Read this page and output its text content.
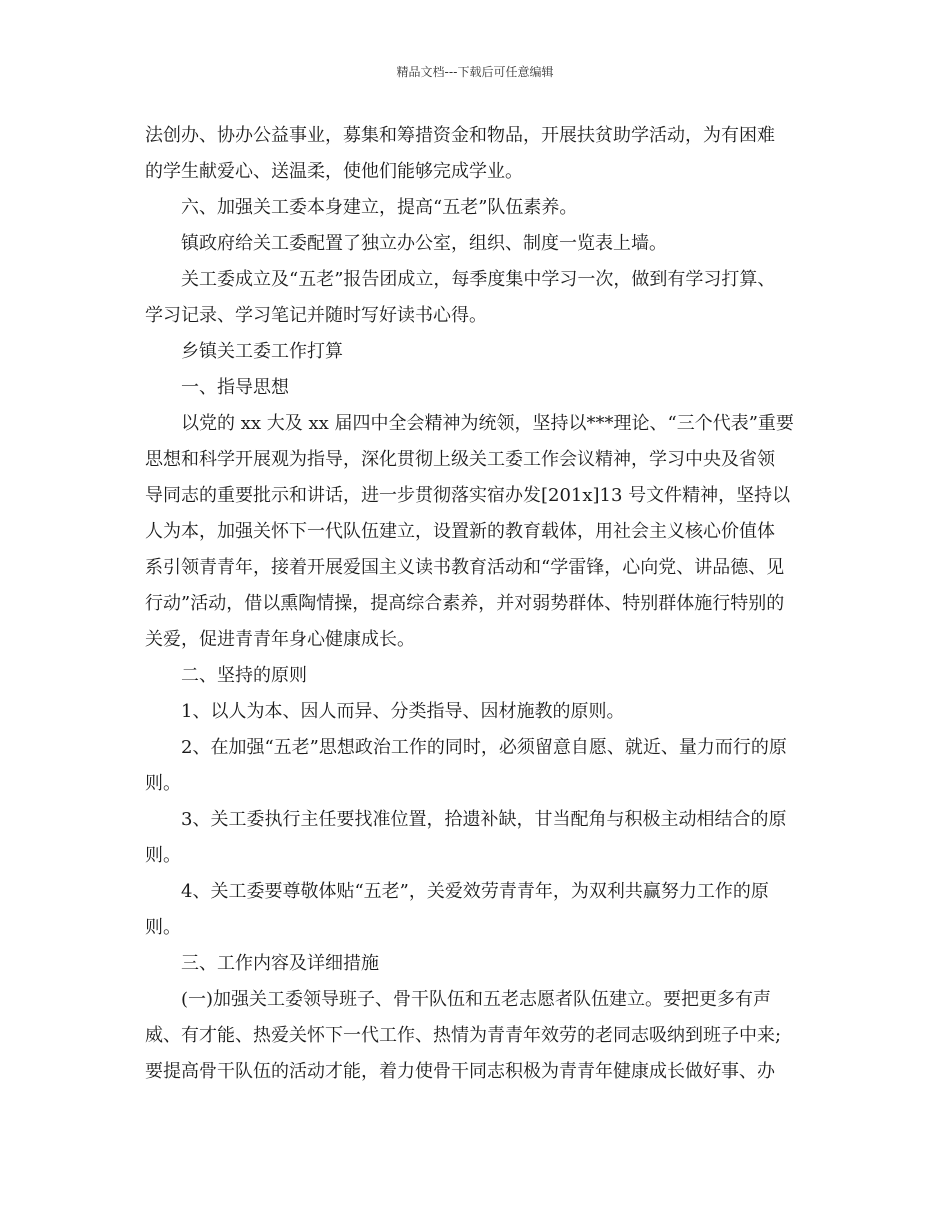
精品文档---下载后可任意编辑
法创办、协办公益事业，募集和筹措资金和物品，开展扶贫助学活动，为有困难
的学生献爱心、送温柔，使他们能够完成学业。
六、加强关工委本身建立，提高“五老”队伍素养。
镇政府给关工委配置了独立办公室，组织、制度一览表上墙。
关工委成立及“五老”报告团成立，每季度集中学习一次，做到有学习打算、
学习记录、学习笔记并随时写好读书心得。
乡镇关工委工作打算
一、指导思想
以党的 xx 大及 xx 届四中全会精神为统领，坚持以***理论、“三个代表”重要
思想和科学开展观为指导，深化贯彻上级关工委工作会议精神，学习中央及省领
导同志的重要批示和讲话，进一步贯彻落实宿办发[201x]13 号文件精神，坚持以
人为本，加强关怀下一代队伍建立，设置新的教育载体，用社会主义核心价值体
系引领青青年，接着开展爱国主义读书教育活动和“学雷锋，心向党、讲品德、见
行动”活动，借以熏陶情操，提高综合素养，并对弱势群体、特别群体施行特别的
关爱，促进青青年身心健康成长。
二、坚持的原则
1、以人为本、因人而异、分类指导、因材施教的原则。
2、在加强“五老”思想政治工作的同时，必须留意自愿、就近、量力而行的原
则。
3、关工委执行主任要找准位置，拾遗补缺，甘当配角与积极主动相结合的原
则。
4、关工委要尊敬体贴“五老”，关爱效劳青青年，为双利共赢努力工作的原
则。
三、工作内容及详细措施
(一)加强关工委领导班子、骨干队伍和五老志愿者队伍建立。要把更多有声
威、有才能、热爱关怀下一代工作、热情为青青年效劳的老同志吸纳到班子中来;
要提高骨干队伍的活动才能，着力使骨干同志积极为青青年健康成长做好事、办
